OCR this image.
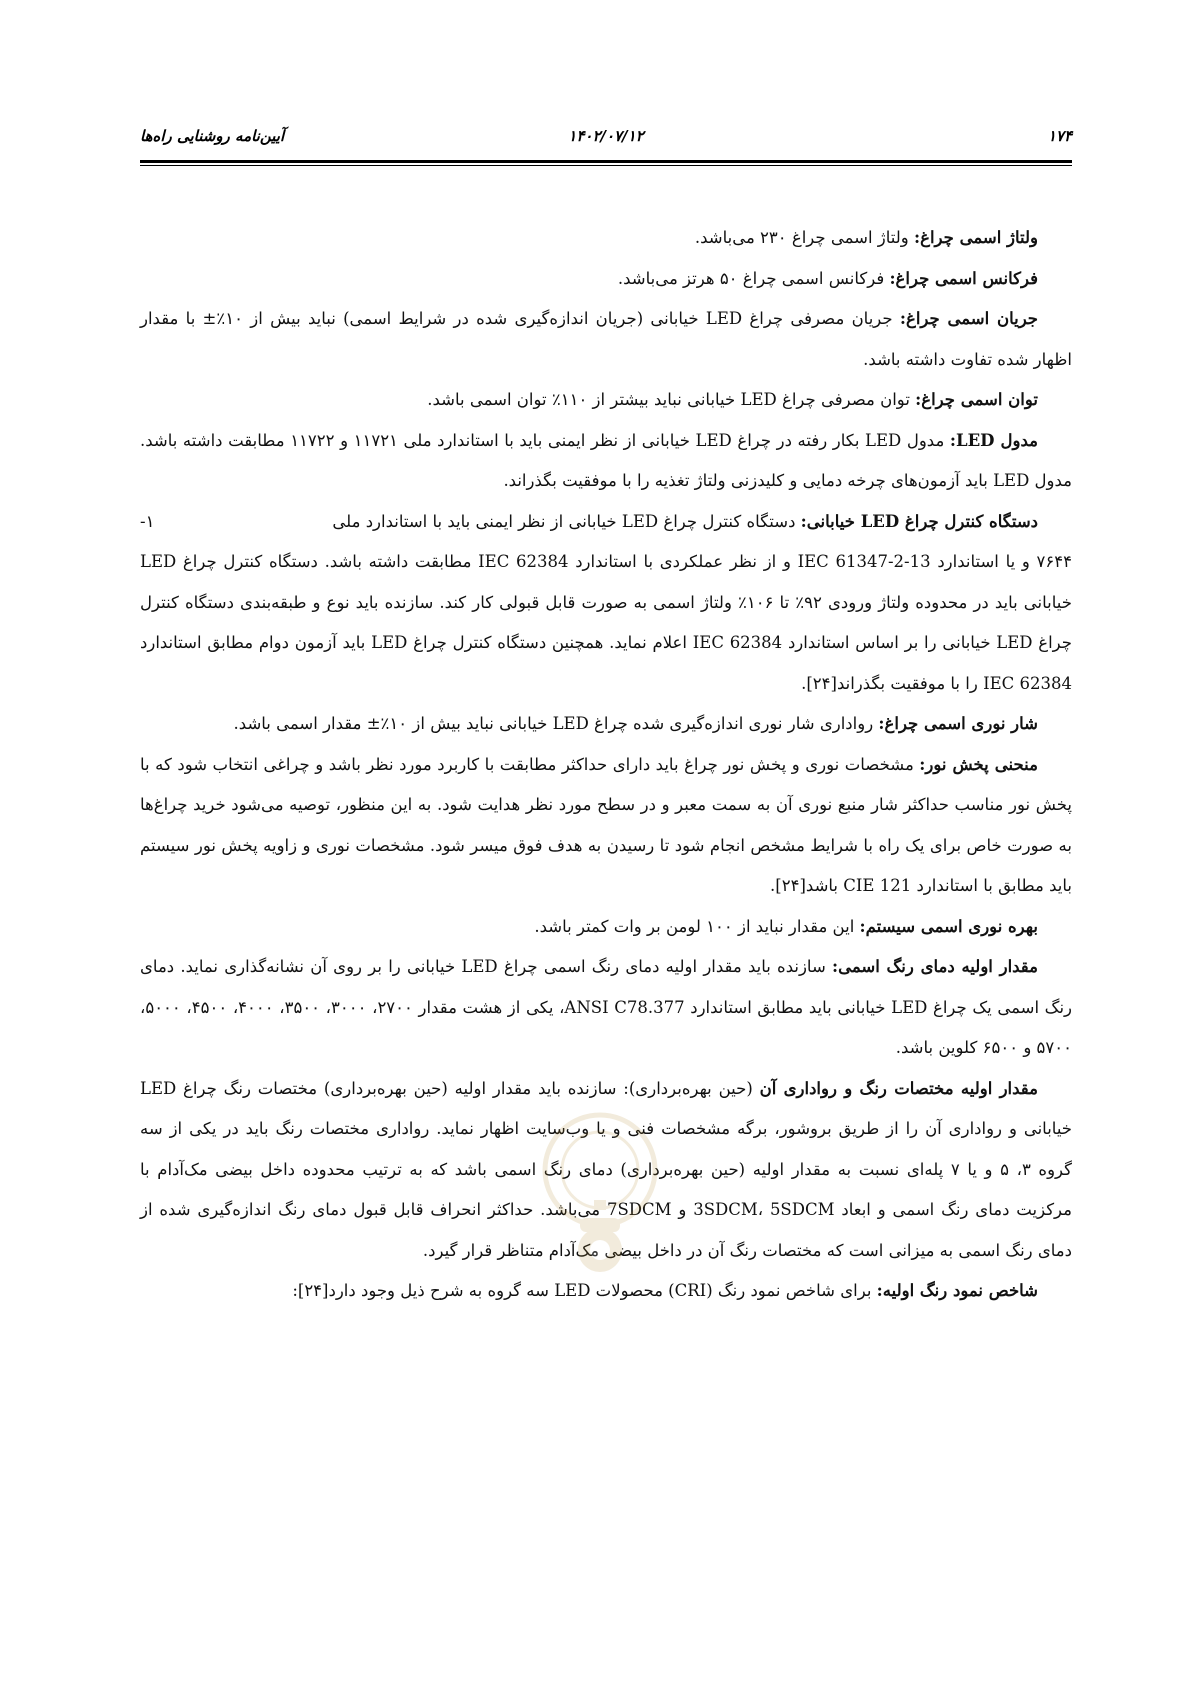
۱۷۴
۱۴۰۲/۰۷/۱۲
آیین‌نامه روشنایی راه‌ها

ولتاژ اسمی چراغ: ولتاژ اسمی چراغ ۲۳۰ می‌باشد.

فرکانس اسمی چراغ: فرکانس اسمی چراغ ۵۰ هرتز می‌باشد.

جریان اسمی چراغ: جریان مصرفی چراغ LED خیابانی (جریان اندازه‌گیری شده در شرایط اسمی) نباید بیش از ۱۰٪± با مقدار اظهار شده تفاوت داشته باشد.

توان اسمی چراغ: توان مصرفی چراغ LED خیابانی نباید بیشتر از ۱۱۰٪ توان اسمی باشد.

مدول LED: مدول LED بکار رفته در چراغ LED خیابانی از نظر ایمنی باید با استاندارد ملی ۱۱۷۲۱ و ۱۱۷۲۲ مطابقت داشته باشد. مدول LED باید آزمون‌های چرخه دمایی و کلیدزنی ولتاژ تغذیه را با موفقیت بگذراند.

۱-	دستگاه کنترل چراغ LED خیابانی: دستگاه کنترل چراغ LED خیابانی از نظر ایمنی باید با استاندارد ملی

۷۶۴۴ و یا استاندارد IEC 61347-2-13 و از نظر عملکردی با استاندارد IEC 62384 مطابقت داشته باشد. دستگاه کنترل چراغ LED خیابانی باید در محدوده ولتاژ ورودی ۹۲٪ تا ۱۰۶٪ ولتاژ اسمی به صورت قابل قبولی کار کند. سازنده باید نوع و طبقه‌بندی دستگاه کنترل چراغ LED خیابانی را بر اساس استاندارد IEC 62384 اعلام نماید. همچنین دستگاه کنترل چراغ LED باید آزمون دوام مطابق استاندارد IEC 62384 را با موفقیت بگذراند[۲۴].

شار نوری اسمی چراغ: رواداری شار نوری اندازه‌گیری شده چراغ LED خیابانی نباید بیش از ۱۰٪± مقدار اسمی باشد.

منحنی پخش نور: مشخصات نوری و پخش نور چراغ باید دارای حداکثر مطابقت با کاربرد مورد نظر باشد و چراغی انتخاب شود که با پخش نور مناسب حداکثر شار منبع نوری آن به سمت معبر و در سطح مورد نظر هدایت شود. به این منظور، توصیه می‌شود خرید چراغ‌ها به صورت خاص برای یک راه با شرایط مشخص انجام شود تا رسیدن به هدف فوق میسر شود. مشخصات نوری و زاویه پخش نور سیستم باید مطابق با استاندارد CIE 121 باشد[۲۴].

بهره نوری اسمی سیستم: این مقدار نباید از ۱۰۰ لومن بر وات کمتر باشد.

مقدار اولیه دمای رنگ اسمی: سازنده باید مقدار اولیه دمای رنگ اسمی چراغ LED خیابانی را بر روی آن نشانه‌گذاری نماید. دمای رنگ اسمی یک چراغ LED خیابانی باید مطابق استاندارد ANSI C78.377، یکی از هشت مقدار ۲۷۰۰، ۳۰۰۰، ۳۵۰۰، ۴۰۰۰، ۴۵۰۰، ۵۰۰۰، ۵۷۰۰ و ۶۵۰۰ کلوین باشد.

مقدار اولیه مختصات رنگ و رواداری آن (حین بهره‌برداری): سازنده باید مقدار اولیه (حین بهره‌برداری) مختصات رنگ چراغ LED خیابانی و رواداری آن را از طریق بروشور، برگه مشخصات فنی و یا وب‌سایت اظهار نماید. رواداری مختصات رنگ باید در یکی از سه گروه ۳، ۵ و یا ۷ پله‌ای نسبت به مقدار اولیه (حین بهره‌برداری) دمای رنگ اسمی باشد که به ترتیب محدوده داخل بیضی مک‌آدام با مرکزیت دمای رنگ اسمی و ابعاد 3SDCM، 5SDCM و 7SDCM می‌باشد. حداکثر انحراف قابل قبول دمای رنگ اندازه‌گیری شده از دمای رنگ اسمی به میزانی است که مختصات رنگ آن در داخل بیضی مک‌آدام متناظر قرار گیرد.

شاخص نمود رنگ اولیه: برای شاخص نمود رنگ (CRI) محصولات LED سه گروه به شرح ذیل وجود دارد[۲۴]:
